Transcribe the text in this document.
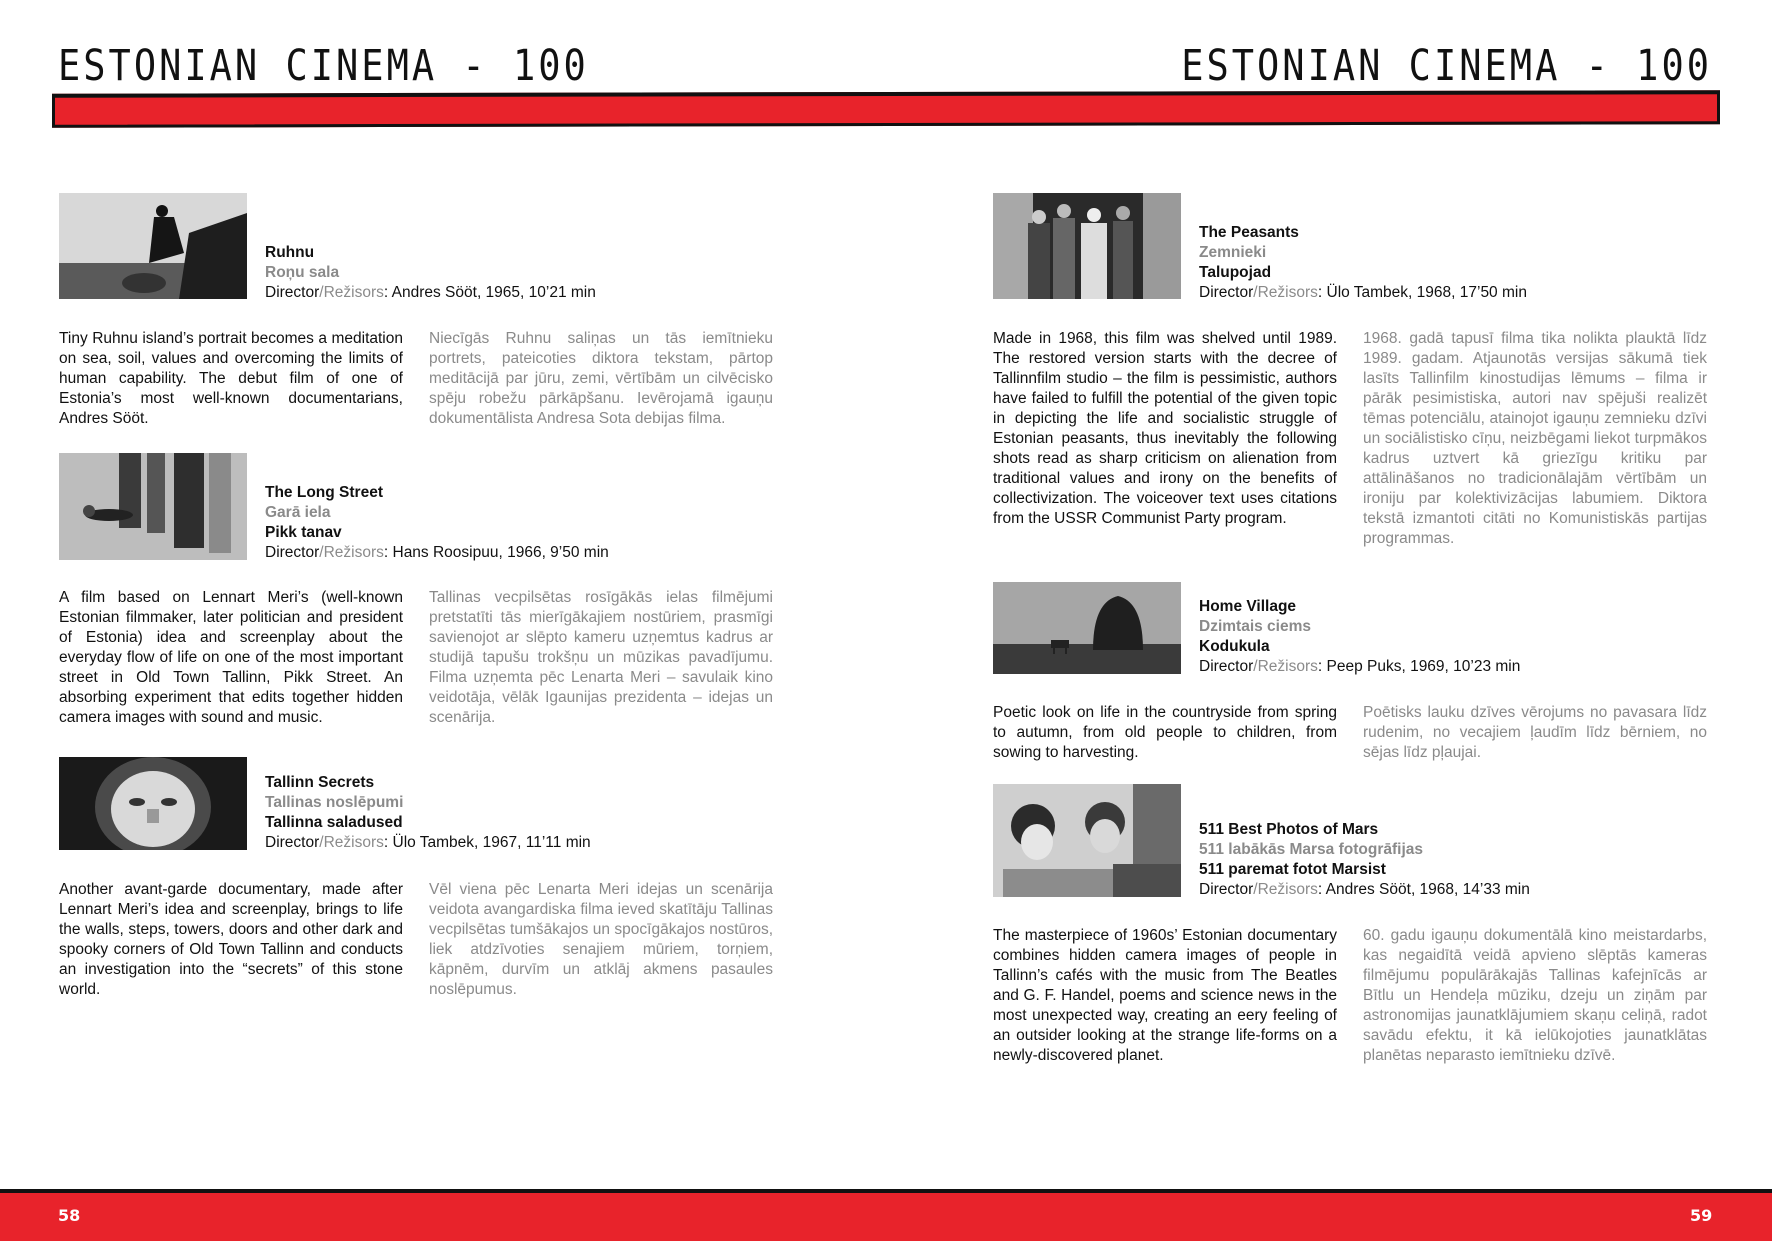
ESTONIAN CINEMA - 100
Ruhnu
Roņu sala
Director/Režisors: Andres Sööt, 1965, 10’21 min
Tiny Ruhnu island’s portrait becomes a meditation on sea, soil, values and overcoming the limits of human capability. The debut film of one of Estonia’s most well-known documentarians, Andres Sööt.
Niecīgās Ruhnu saliņas un tās iemītnieku portrets, pateicoties diktora tekstam, pārtop meditācijā par jūru, zemi, vērtībām un cilvēcisko spēju robežu pārkāpšanu. Ievērojamā igauņu dokumentālista Andresa Sota debijas filma.
The Long Street
Garā iela
Pikk tanav
Director/Režisors: Hans Roosipuu, 1966, 9’50 min
A film based on Lennart Meri’s (well-known Estonian filmmaker, later politician and president of Estonia) idea and screenplay about the everyday flow of life on one of the most important street in Old Town Tallinn, Pikk Street. An absorbing experiment that edits together hidden camera images with sound and music.
Tallinas vecpilsētas rosīgākās ielas filmējumi pretstatīti tās mierīgākajiem nostūriem, prasmīgi savienojot ar slēpto kameru uzņemtus kadrus ar studijā tapušu trokšņu un mūzikas pavadījumu. Filma uzņemta pēc Lenarta Meri – savulaik kino veidotāja, vēlāk Igaunijas prezidenta – idejas un scenārija.
Tallinn Secrets
Tallinas noslēpumi
Tallinna saladused
Director/Režisors: Ülo Tambek, 1967, 11’11 min
Another avant-garde documentary, made after Lennart Meri’s idea and screenplay, brings to life the walls, steps, towers, doors and other dark and spooky corners of Old Town Tallinn and conducts an investigation into the “secrets” of this stone world.
Vēl viena pēc Lenarta Meri idejas un scenārija veidota avangardiska filma ieved skatītāju Tallinas vecpilsētas tumšākajos un spocīgākajos nostūros, liek atdzīvoties senajiem mūriem, torņiem, kāpnēm, durvīm un atklāj akmens pasaules noslēpumus.
ESTONIAN CINEMA - 100
The Peasants
Zemnieki
Talupojad
Director/Režisors: Ülo Tambek, 1968, 17’50 min
Made in 1968, this film was shelved until 1989. The restored version starts with the decree of Tallinnfilm studio – the film is pessimistic, authors have failed to fulfill the potential of the given topic in depicting the life and socialistic struggle of Estonian peasants, thus inevitably the following shots read as sharp criticism on alienation from traditional values and irony on the benefits of collectivization. The voiceover text uses citations from the USSR Communist Party program.
1968. gadā tapusī filma tika nolikta plauktā līdz 1989. gadam. Atjaunotās versijas sākumā tiek lasīts Tallinfilm kinostudijas lēmums – filma ir pārāk pesimistiska, autori nav spējuši realizēt tēmas potenciālu, atainojot igauņu zemnieku dzīvi un sociālistisko cīņu, neizbēgami liekot turpmākos kadrus uztvert kā griezīgu kritiku par attālināšanos no tradicionālajām vērtībām un ironiju par kolektivizācijas labumiem. Diktora tekstā izmantoti citāti no Komunistiskās partijas programmas.
Home Village
Dzimtais ciems
Kodukula
Director/Režisors: Peep Puks, 1969, 10’23 min
Poetic look on life in the countryside from spring to autumn, from old people to children, from sowing to harvesting.
Poētisks lauku dzīves vērojums no pavasara līdz rudenim, no vecajiem ļaudīm līdz bērniem, no sējas līdz pļaujai.
511 Best Photos of Mars
511 labākās Marsa fotogrāfijas
511 paremat fotot Marsist
Director/Režisors: Andres Sööt, 1968, 14’33 min
The masterpiece of 1960s’ Estonian documentary combines hidden camera images of people in Tallinn’s cafés with the music from The Beatles and G. F. Handel, poems and science news in the most unexpected way, creating an eery feeling of an outsider looking at the strange life-forms on a newly-discovered planet.
60. gadu igauņu dokumentālā kino meistardarbs, kas negaidītā veidā apvieno slēptās kameras filmējumu populārākajās Tallinas kafejnīcās ar Bītlu un Hendeļa mūziku, dzeju un ziņām par astronomijas jaunatklājumiem skaņu celiņā, radot savādu efektu, it kā ielūkojoties jaunatklātas planētas neparasto iemītnieku dzīvē.
58	59
